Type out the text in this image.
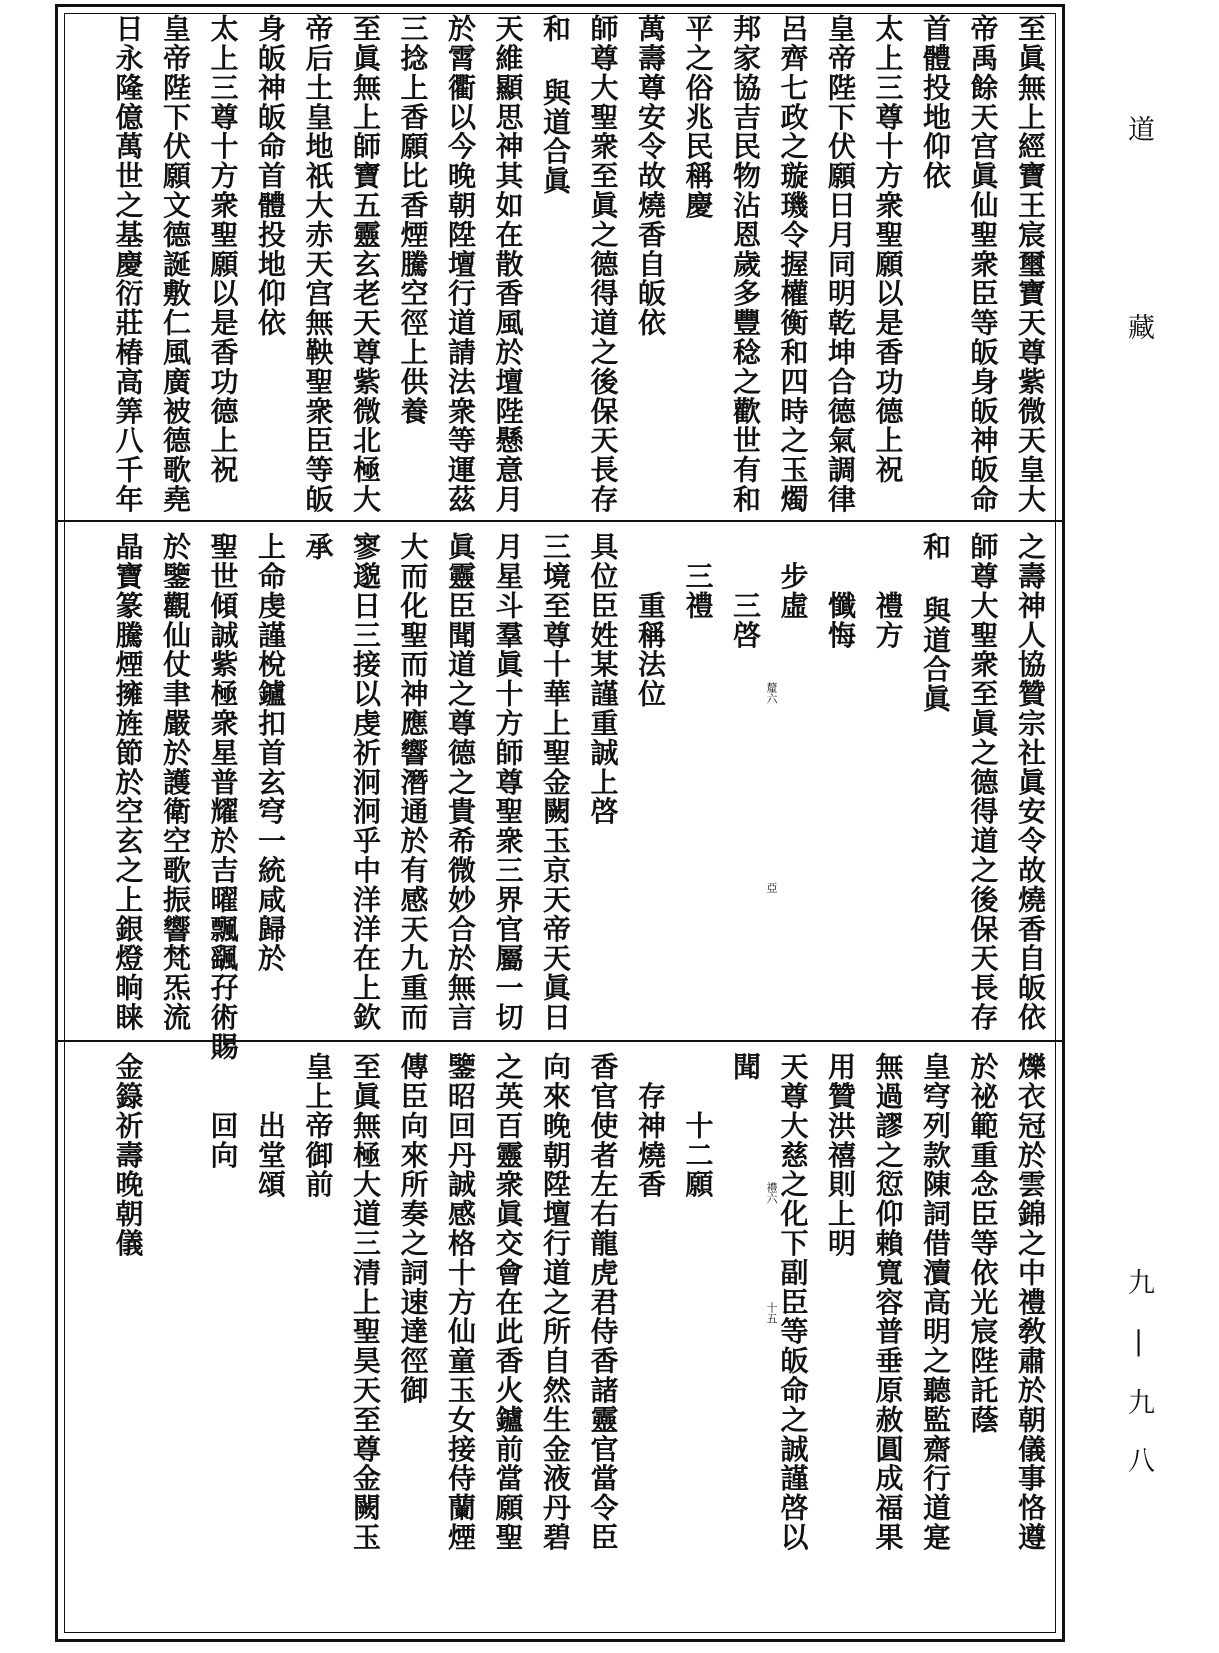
至眞無上經寶王宸璽寶天尊紫微天皇大
帝禹餘天宫眞仙聖衆臣等皈身皈神皈命
首體投地仰依
太上三尊十方衆聖願以是香功德上祝
皇帝陛下伏願日月同明乾坤合德氣調律
呂齊七政之璇璣令握權衡和四時之玉燭
邦家協吉民物沾恩歲多豐稔之歡世有和
平之俗兆民稱慶
萬壽尊安令故燒香自皈依
師尊大聖衆至眞之德得道之後保天長存
和 與道合眞
天維顯思神其如在散香風於壇陛懸意月
於霄衢以今晚朝陞壇行道請法衆等運茲
三捻上香願比香煙騰空徑上供養
至眞無上師寶五靈玄老天尊紫微北極大
帝后土皇地祇大赤天宫無鞅聖衆臣等皈
身皈神皈命首體投地仰依
太上三尊十方衆聖願以是香功德上祝
皇帝陛下伏願文德誕敷仁風廣被德歌堯
日永隆億萬世之基慶衍莊椿高筭八千年
之壽神人協贊宗社眞安令故燒香自皈依
師尊大聖衆至眞之德得道之後保天長存
和 與道合眞
　　禮方
　　懺悔
　步虛
　　三啓
　三禮
　　重稱法位
具位臣姓某謹重誠上啓
三境至尊十華上聖金闕玉京天帝天眞日
月星斗羣眞十方師尊聖衆三界官屬一切
眞靈臣聞道之尊德之貴希微妙合於無言
大而化聖而神應響潛通於有感天九重而
寥邈日三接以虔祈泂泂乎中洋洋在上欽
承
上命虔謹梲鑪扣首玄穹一統咸歸於
聖世傾誠紫極衆星普耀於吉曜飄颻孖術賜
於鑒觀仙仗聿嚴於護衛空歌振響梵炁流
晶寶篆騰煙擁旌節於空玄之上銀燈晌睐	釐六
亞
爍衣冠於雲錦之中禮敎肅於朝儀事恪遵
於祕範重念臣等依光宸陛託蔭
皇穹列款陳詞借瀆高明之聽監齋行道寔
無過謬之愆仰賴寬容普垂原赦圓成福果
用贊洪禧則上明
天尊大慈之化下副臣等皈命之誠謹啓以
聞
　　十二願
　存神燒香
香官使者左右龍虎君侍香諸靈官當令臣
向來晚朝陞壇行道之所自然生金液丹碧
之英百靈衆眞交會在此香火鑪前當願聖
鑒昭回丹誠感格十方仙童玉女接侍蘭煙
傳臣向來所奏之詞速達徑御
至眞無極大道三清上聖昊天至尊金闕玉
皇上帝御前
　　出堂頌
　　回向
金籙祈壽晚朝儀	禮六
十五
道 藏
九 | 九 八
